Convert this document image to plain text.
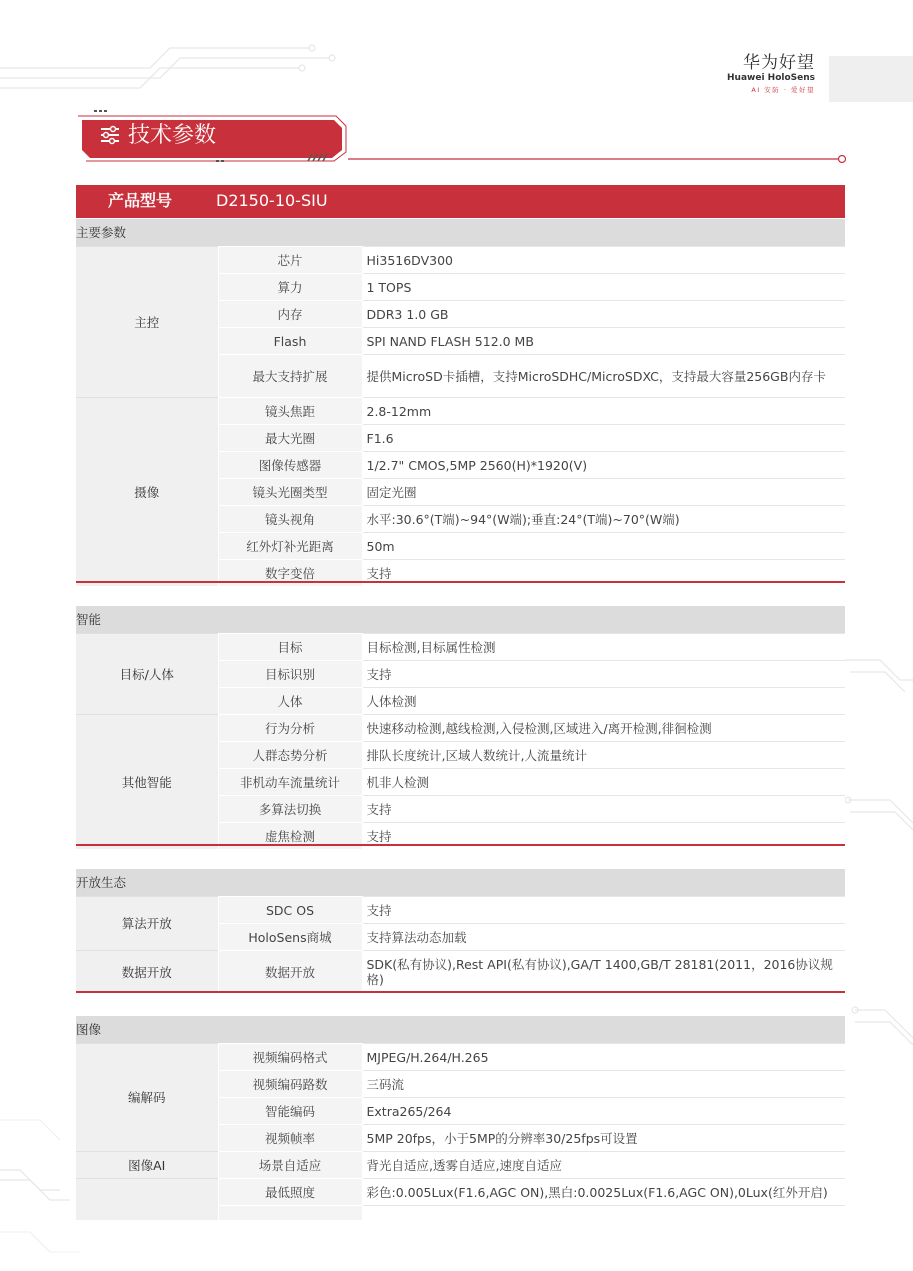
华为好望
Huawei HoloSens
AI 安防 · 爱好望
技术参数
产品型号	D2150-10-SIU
主要参数		
主控	芯片	Hi3516DV300
	算力	1 TOPS
	内存	DDR3 1.0 GB
	Flash	SPI NAND FLASH 512.0 MB
	最大支持扩展	提供MicroSD卡插槽，支持MicroSDHC/MicroSDXC，支持最大容量256GB内存卡
摄像	镜头焦距	2.8-12mm
	最大光圈	F1.6
	图像传感器	1/2.7" CMOS,5MP 2560(H)*1920(V)
	镜头光圈类型	固定光圈
	镜头视角	水平:30.6°(T端)~94°(W端);垂直:24°(T端)~70°(W端)
	红外灯补光距离	50m
	数字变倍	支持
智能		
目标/人体	目标	目标检测,目标属性检测
	目标识别	支持
	人体	人体检测
其他智能	行为分析	快速移动检测,越线检测,入侵检测,区域进入/离开检测,徘徊检测
	人群态势分析	排队长度统计,区域人数统计,人流量统计
	非机动车流量统计	机非人检测
	多算法切换	支持
	虚焦检测	支持
开放生态		
算法开放	SDC OS	支持
	HoloSens商城	支持算法动态加载
数据开放	数据开放	SDK(私有协议),Rest API(私有协议),GA/T 1400,GB/T 28181(2011，2016协议规格)
图像		
编解码	视频编码格式	MJPEG/H.264/H.265
	视频编码路数	三码流
	智能编码	Extra265/264
	视频帧率	5MP 20fps，小于5MP的分辨率30/25fps可设置
图像AI	场景自适应	背光自适应,透雾自适应,速度自适应
	最低照度	彩色:0.005Lux(F1.6,AGC ON),黑白:0.0025Lux(F1.6,AGC ON),0Lux(红外开启)
